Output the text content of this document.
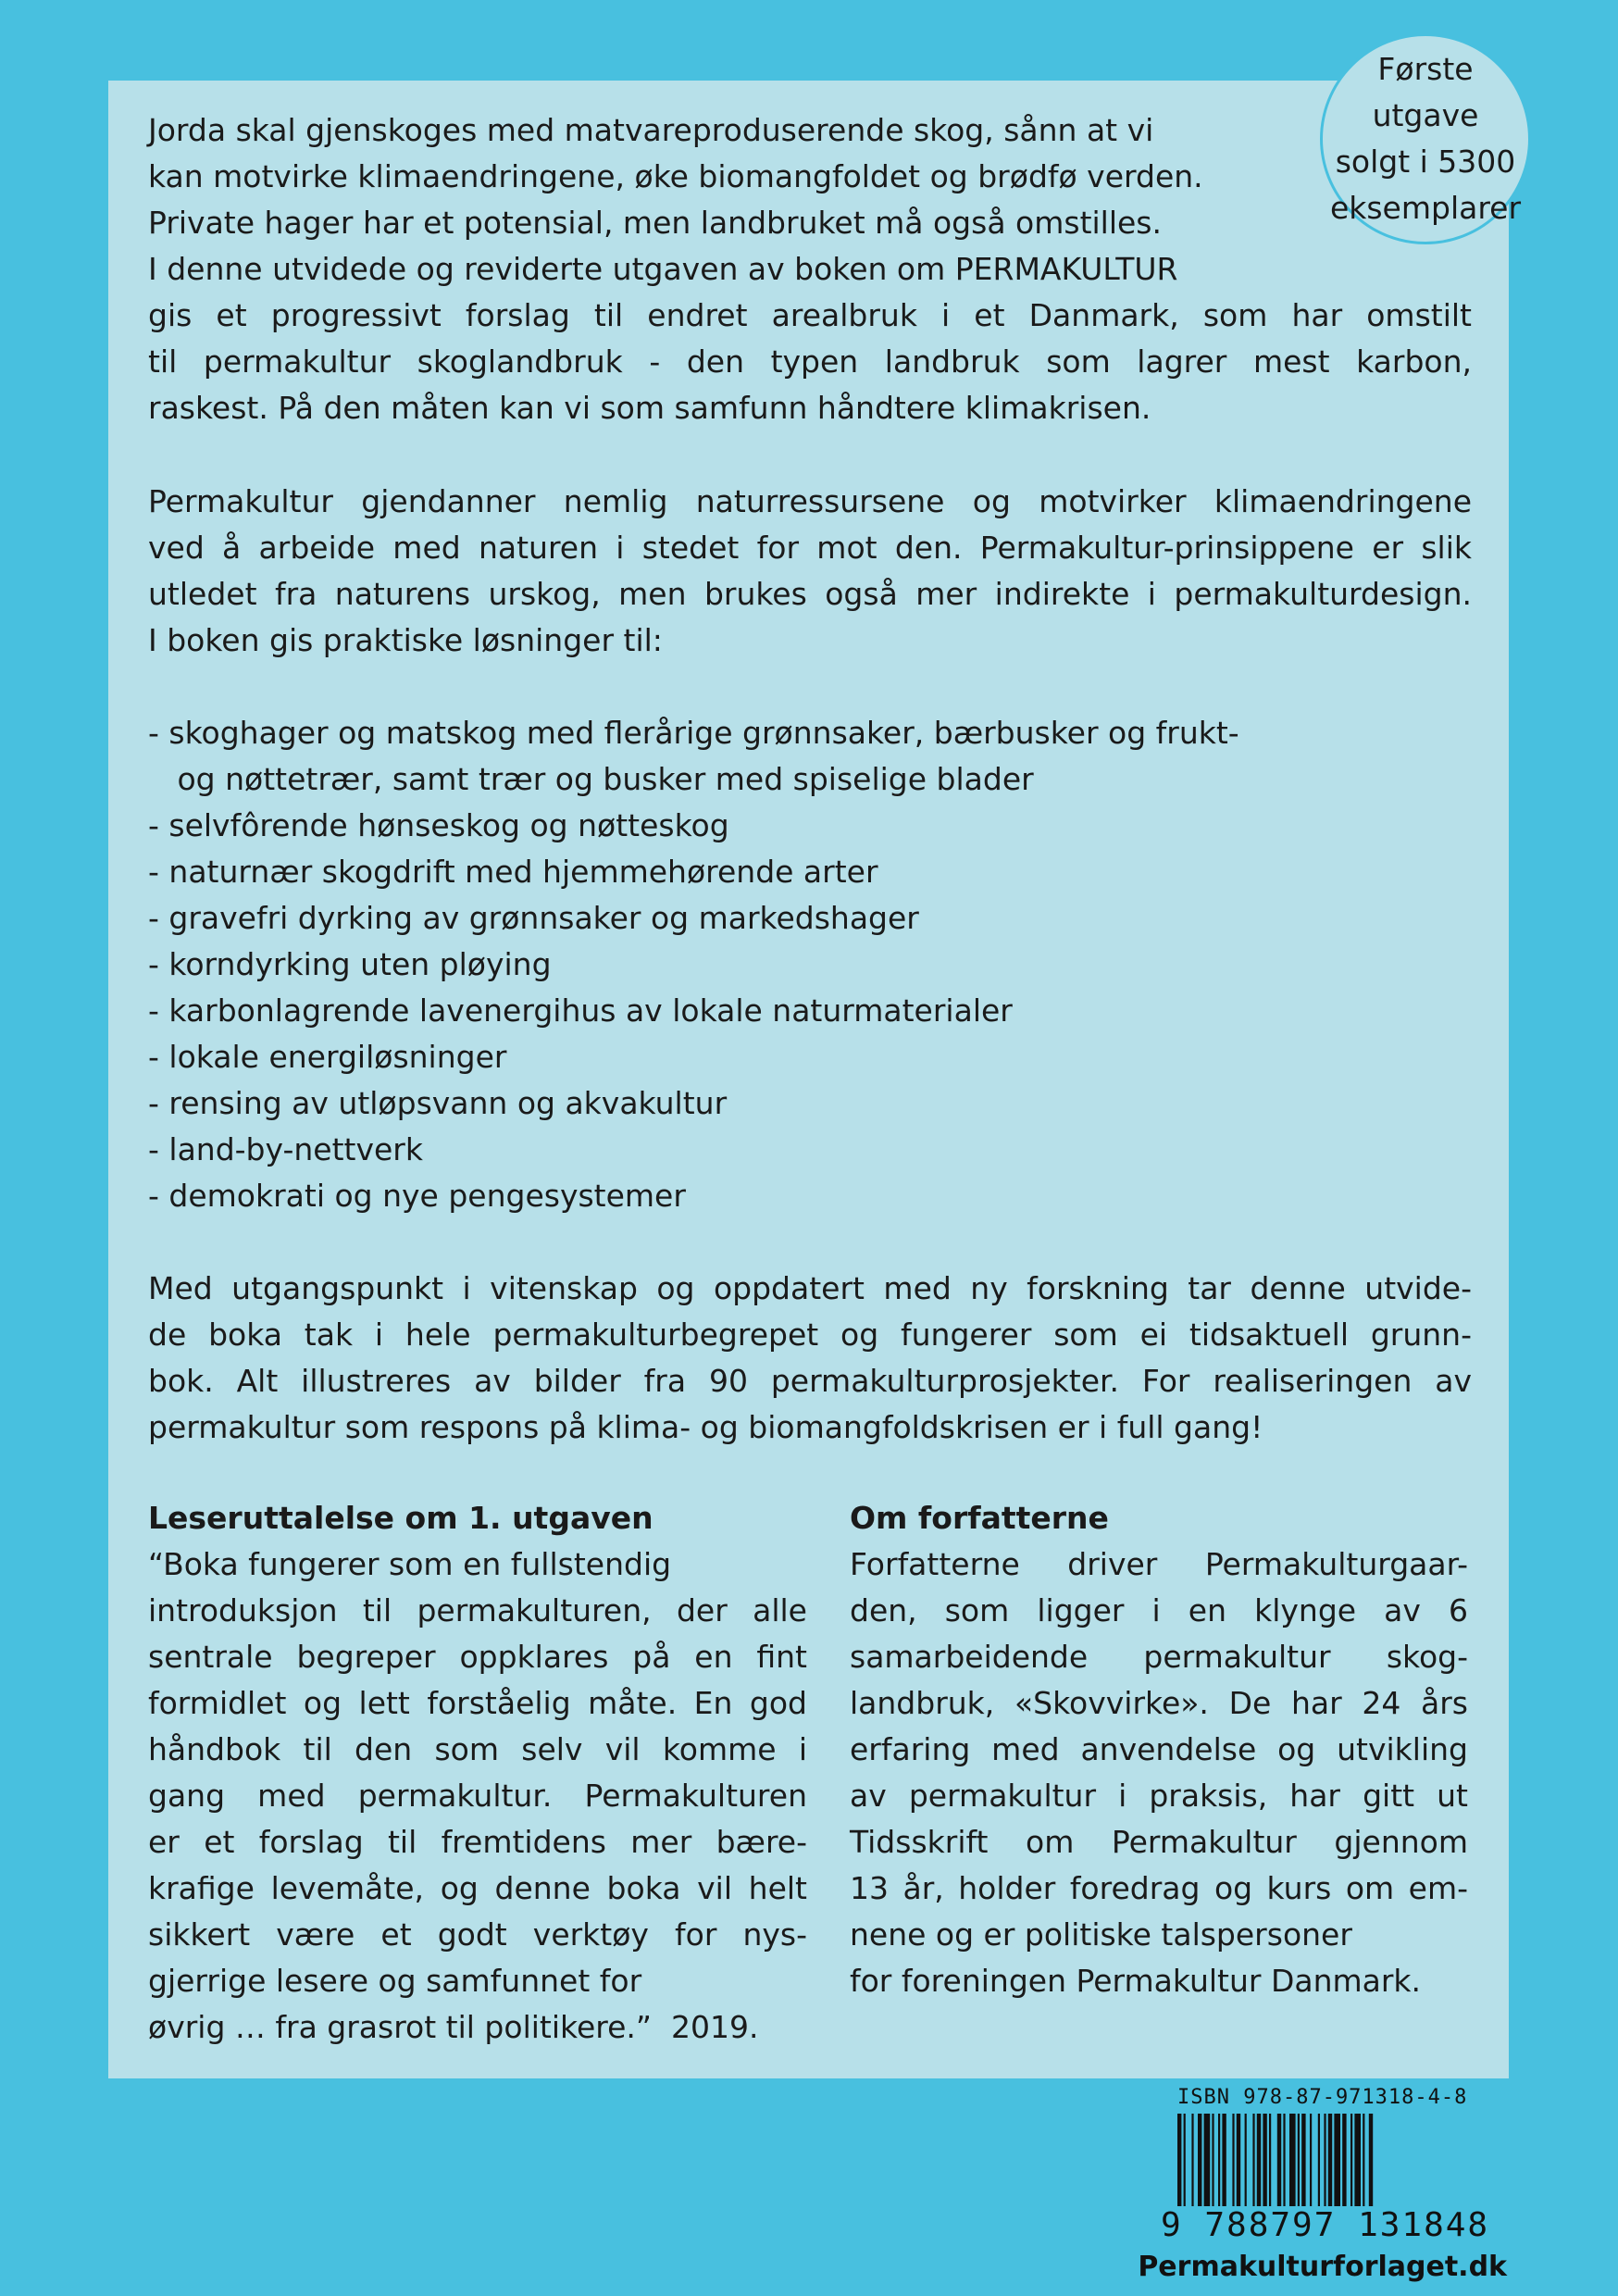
Første utgave
solgt i 5300
eksemplarer
Jorda skal gjenskoges med matvareproduserende skog, sånn at vi
kan motvirke klimaendringene, øke biomangfoldet og brødfø verden.
Private hager har et potensial, men landbruket må også omstilles.
I denne utvidede og reviderte utgaven av boken om PERMAKULTUR
gis et progressivt forslag til endret arealbruk i et Danmark, som har omstilt
til permakultur skoglandbruk - den typen landbruk som lagrer mest karbon,
raskest. På den måten kan vi som samfunn håndtere klimakrisen.
Permakultur gjendanner nemlig naturressursene og motvirker klimaendringene
ved å arbeide med naturen i stedet for mot den. Permakultur-prinsippene er slik
utledet fra naturens urskog, men brukes også mer indirekte i permakulturdesign.
I boken gis praktiske løsninger til:
- skoghager og matskog med flerårige grønnsaker, bærbusker og frukt-
og nøttetrær, samt trær og busker med spiselige blader
- selvfôrende hønseskog og nøtteskog
- naturnær skogdrift med hjemmehørende arter
- gravefri dyrking av grønnsaker og markedshager
- korndyrking uten pløying
- karbonlagrende lavenergihus av lokale naturmaterialer
- lokale energiløsninger
- rensing av utløpsvann og akvakultur
- land-by-nettverk
- demokrati og nye pengesystemer
Med utgangspunkt i vitenskap og oppdatert med ny forskning tar denne utvide-
de boka tak i hele permakulturbegrepet og fungerer som ei tidsaktuell grunn-
bok. Alt illustreres av bilder fra 90 permakulturprosjekter. For realiseringen av
permakultur som respons på klima- og biomangfoldskrisen er i full gang!
Leseruttalelse om 1. utgaven
“Boka fungerer som en fullstendig
introduksjon til permakulturen, der alle
sentrale begreper oppklares på en fint
formidlet og lett forståelig måte. En god
håndbok til den som selv vil komme i
gang med permakultur. Permakulturen
er et forslag til fremtidens mer bære-
krafige levemåte, og denne boka vil helt
sikkert være et godt verktøy for nys-
gjerrige lesere og samfunnet for
øvrig … fra grasrot til politikere.”  2019.
Om forfatterne
Forfatterne driver Permakulturgaar-
den, som ligger i en klynge av 6
samarbeidende permakultur skog-
landbruk, «Skovvirke». De har 24 års
erfaring med anvendelse og utvikling
av permakultur i praksis, har gitt ut
Tidsskrift om Permakultur gjennom
13 år, holder foredrag og kurs om em-
nene og er politiske talspersoner
for foreningen Permakultur Danmark.
ISBN 978-87-971318-4-8
9 788797 131848
Permakulturforlaget.dk
